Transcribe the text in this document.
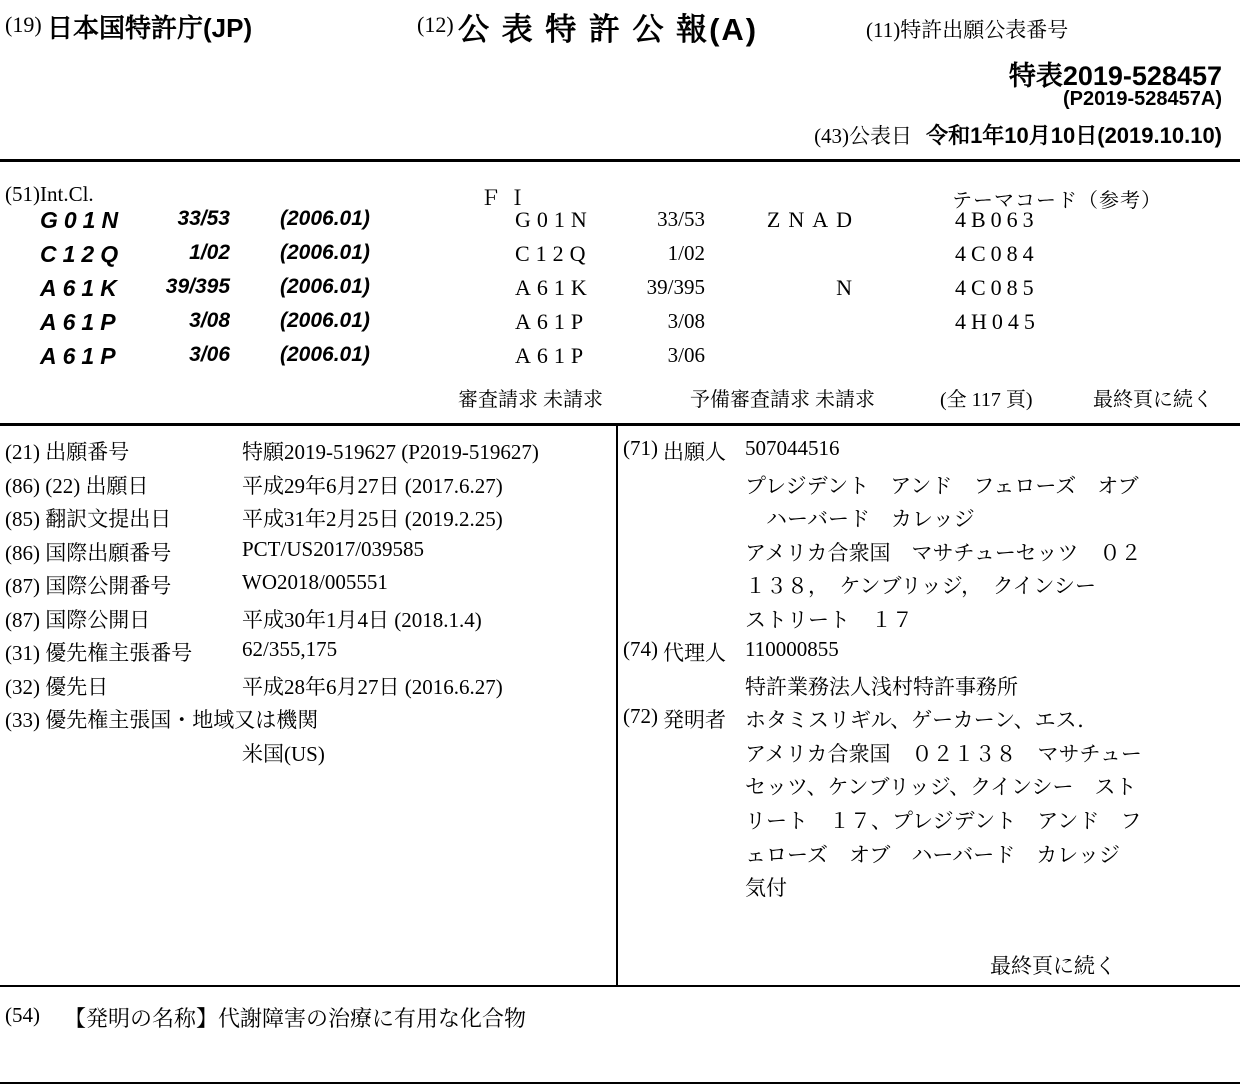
(19) 日本国特許庁(JP)	(12) 公 表 特 許 公 報(A)	(11)特許出願公表番号
特表2019-528457
(P2019-528457A)
(43)公表日 令和1年10月10日(2019.10.10)
(51)Int.Cl.	ＦＩ	テーマコード（参考）
G01N	33/53 (2006.01)	G01N	33/53	ZNAD	4B063
C12Q	1/02 (2006.01)	C12Q	1/02	4C084
A61K	39/395 (2006.01)	A61K	39/395	N	4C085
A61P	3/08 (2006.01)	A61P	3/08	4H045
A61P	3/06 (2006.01)	A61P	3/06
審査請求 未請求	予備審査請求 未請求	(全 117 頁)	最終頁に続く
(21) 出願番号	特願2019-519627 (P2019-519627)
(86) (22) 出願日	平成29年6月27日 (2017.6.27)
(85) 翻訳文提出日	平成31年2月25日 (2019.2.25)
(86) 国際出願番号	PCT/US2017/039585
(87) 国際公開番号	WO2018/005551
(87) 国際公開日	平成30年1月4日 (2018.1.4)
(31) 優先権主張番号 62/355,175
(32) 優先日	平成28年6月27日 (2016.6.27)
(33) 優先権主張国・地域又は機関
米国(US)
(71) 出願人 507044516
プレジデント　アンド　フェローズ　オブ
　ハーバード　カレッジ
アメリカ合衆国　マサチューセッツ　０２
１３８，　ケンブリッジ，　クインシー
ストリート　１７
(74) 代理人 110000855
特許業務法人浅村特許事務所
(72) 発明者 ホタミスリギル、ゲーカーン、エス．
アメリカ合衆国　０２１３８　マサチュー
セッツ、ケンブリッジ、クインシー　スト
リート　１７、プレジデント　アンド　フ
ェローズ　オブ　ハーバード　カレッジ
気付
最終頁に続く
(54) 【発明の名称】代謝障害の治療に有用な化合物
